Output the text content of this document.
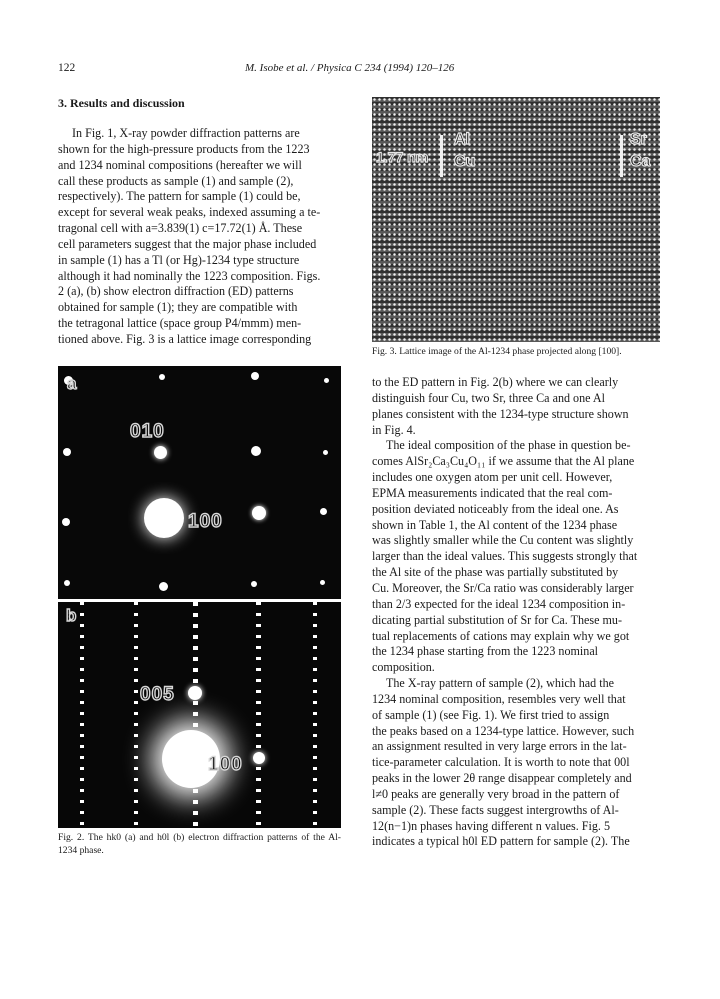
122	M. Isobe et al. / Physica C 234 (1994) 120–126
3. Results and discussion
In Fig. 1, X-ray powder diffraction patterns are
shown for the high-pressure products from the 1223
and 1234 nominal compositions (hereafter we will
call these products as sample (1) and sample (2),
respectively). The pattern for sample (1) could be,
except for several weak peaks, indexed assuming a te-
tragonal cell with a=3.839(1) c=17.72(1) Å. These
cell parameters suggest that the major phase included
in sample (1) has a Tl (or Hg)-1234 type structure
although it had nominally the 1223 composition. Figs.
2 (a), (b) show electron diffraction (ED) patterns
obtained for sample (1); they are compatible with
the tetragonal lattice (space group P4/mmm) men-
tioned above. Fig. 3 is a lattice image corresponding
a
010
100
b
005
100
Fig. 2. The hk0 (a) and h0l (b) electron diffraction patterns of the Al-1234 phase.
1.77 nm
Al
Cu
Sr
Ca
Fig. 3. Lattice image of the Al-1234 phase projected along [100].
to the ED pattern in Fig. 2(b) where we can clearly
distinguish four Cu, two Sr, three Ca and one Al
planes consistent with the 1234-type structure shown
in Fig. 4.
The ideal composition of the phase in question be-
comes AlSr₂Ca₃Cu₄O₁₁ if we assume that the Al plane
includes one oxygen atom per unit cell. However,
EPMA measurements indicated that the real com-
position deviated noticeably from the ideal one. As
shown in Table 1, the Al content of the 1234 phase
was slightly smaller while the Cu content was slightly
larger than the ideal values. This suggests strongly that
the Al site of the phase was partially substituted by
Cu. Moreover, the Sr/Ca ratio was considerably larger
than 2/3 expected for the ideal 1234 composition in-
dicating partial substitution of Sr for Ca. These mu-
tual replacements of cations may explain why we got
the 1234 phase starting from the 1223 nominal
composition.
The X-ray pattern of sample (2), which had the
1234 nominal composition, resembles very well that
of sample (1) (see Fig. 1). We first tried to assign
the peaks based on a 1234-type lattice. However, such
an assignment resulted in very large errors in the lat-
tice-parameter calculation. It is worth to note that 00l
peaks in the lower 2θ range disappear completely and
l≠0 peaks are generally very broad in the pattern of
sample (2). These facts suggest intergrowths of Al-
12(n−1)n phases having different n values. Fig. 5
indicates a typical h0l ED pattern for sample (2). The
